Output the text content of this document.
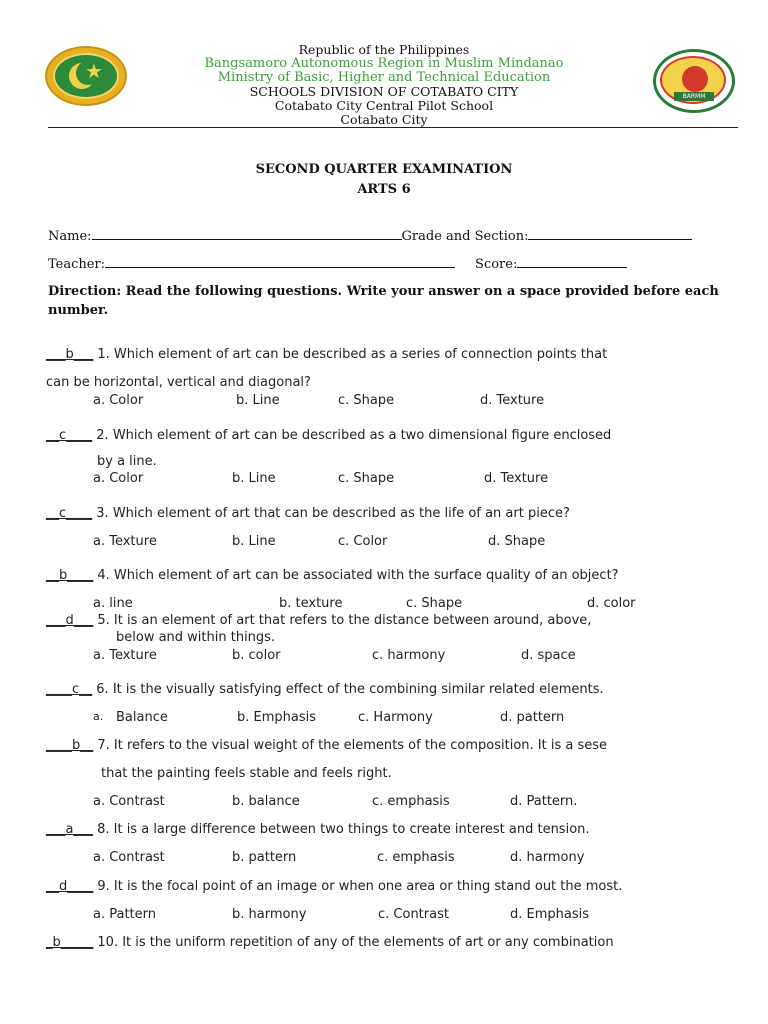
★
BARMM
Republic of the Philippines
Bangsamoro Autonomous Region in Muslim Mindanao
Ministry of Basic, Higher and Technical Education
SCHOOLS DIVISION OF COTABATO CITY
Cotabato City Central Pilot School
Cotabato City
SECOND QUARTER EXAMINATION
ARTS 6
Name:	Grade and Section:
Teacher:	Score:
Direction: Read the following questions. Write your answer on a space provided before each number.
___b___ 1. Which element of art can be described as a series of connection points that
can be horizontal, vertical and diagonal?
a. Color	b. Line	c. Shape	d. Texture
__c____ 2. Which element of art can be described as a two dimensional figure enclosed
by a line.
a. Color	b. Line	c. Shape	d. Texture
__c____ 3. Which element of art that can be described as the life of an art piece?
a. Texture	b. Line	c. Color	d. Shape
__b____ 4. Which element of art can be associated with the surface quality of an object?
a. line	b. texture	c. Shape	d. color
___d___ 5. It is an element of art that refers to the distance between around, above,
below and within things.
a. Texture	b. color	c. harmony	d. space
____c__ 6. It is the visually satisfying effect of the combining similar related elements.
a. Balance	b. Emphasis	c. Harmony	d. pattern
____b__ 7. It refers to the visual weight of the elements of the composition. It is a sese
that the painting feels stable and feels right.
a. Contrast	b. balance	c. emphasis	d. Pattern.
___a___ 8. It is a large difference between two things to create interest and tension.
a. Contrast	b. pattern	c. emphasis	d. harmony
__d____ 9. It is the focal point of an image or when one area or thing stand out the most.
a. Pattern	b. harmony	c. Contrast	d. Emphasis
_b_____ 10. It is the uniform repetition of any of the elements of art or any combination
